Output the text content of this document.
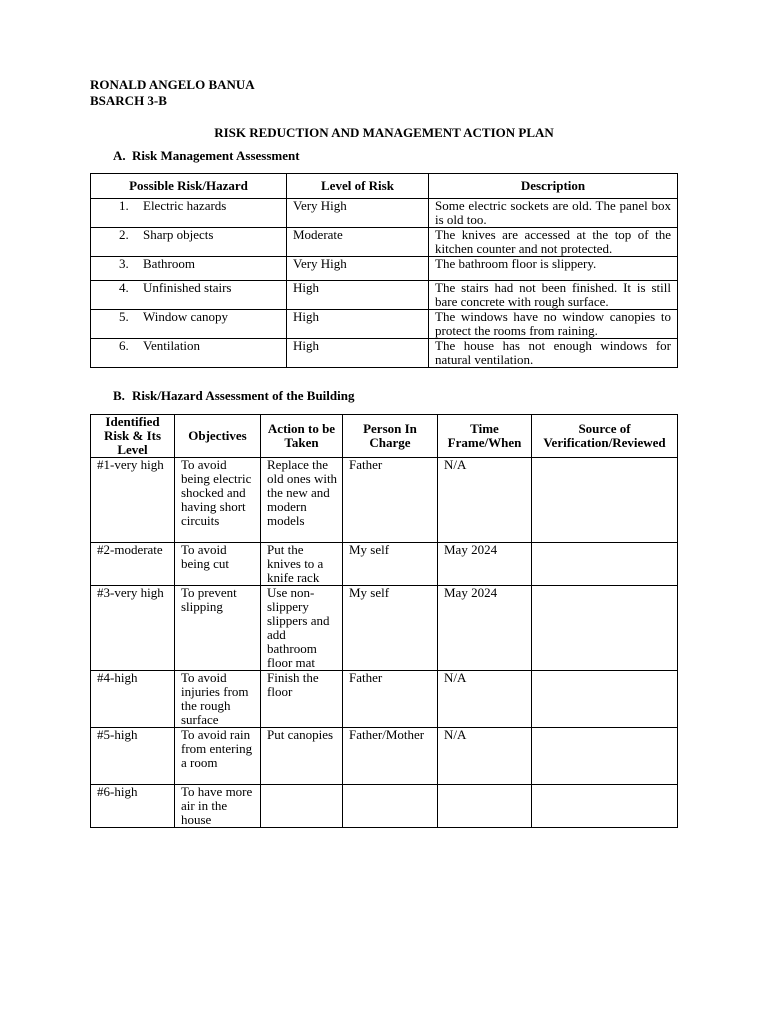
RONALD ANGELO BANUA
BSARCH 3-B
RISK REDUCTION AND MANAGEMENT ACTION PLAN
A. Risk Management Assessment
Possible Risk/Hazard	Level of Risk	Description
1. Electric hazards	Very High	Some electric sockets are old. The panel box is old too.
2. Sharp objects	Moderate	The knives are accessed at the top of the kitchen counter and not protected.
3. Bathroom	Very High	The bathroom floor is slippery.
4. Unfinished stairs	High	The stairs had not been finished. It is still bare concrete with rough surface.
5. Window canopy	High	The windows have no window canopies to protect the rooms from raining.
6. Ventilation	High	The house has not enough windows for natural ventilation.
B. Risk/Hazard Assessment of the Building
Identified Risk & Its Level	Objectives	Action to be Taken	Person In Charge	Time Frame/When	Source of Verification/Reviewed
#1-very high	To avoid being electric shocked and having short circuits	Replace the old ones with the new and modern models	Father	N/A	
#2-moderate	To avoid being cut	Put the knives to a knife rack	My self	May 2024	
#3-very high	To prevent slipping	Use non-slippery slippers and add bathroom floor mat	My self	May 2024	
#4-high	To avoid injuries from the rough surface	Finish the floor	Father	N/A	
#5-high	To avoid rain from entering a room	Put canopies	Father/Mother	N/A	
#6-high	To have more air in the house				
